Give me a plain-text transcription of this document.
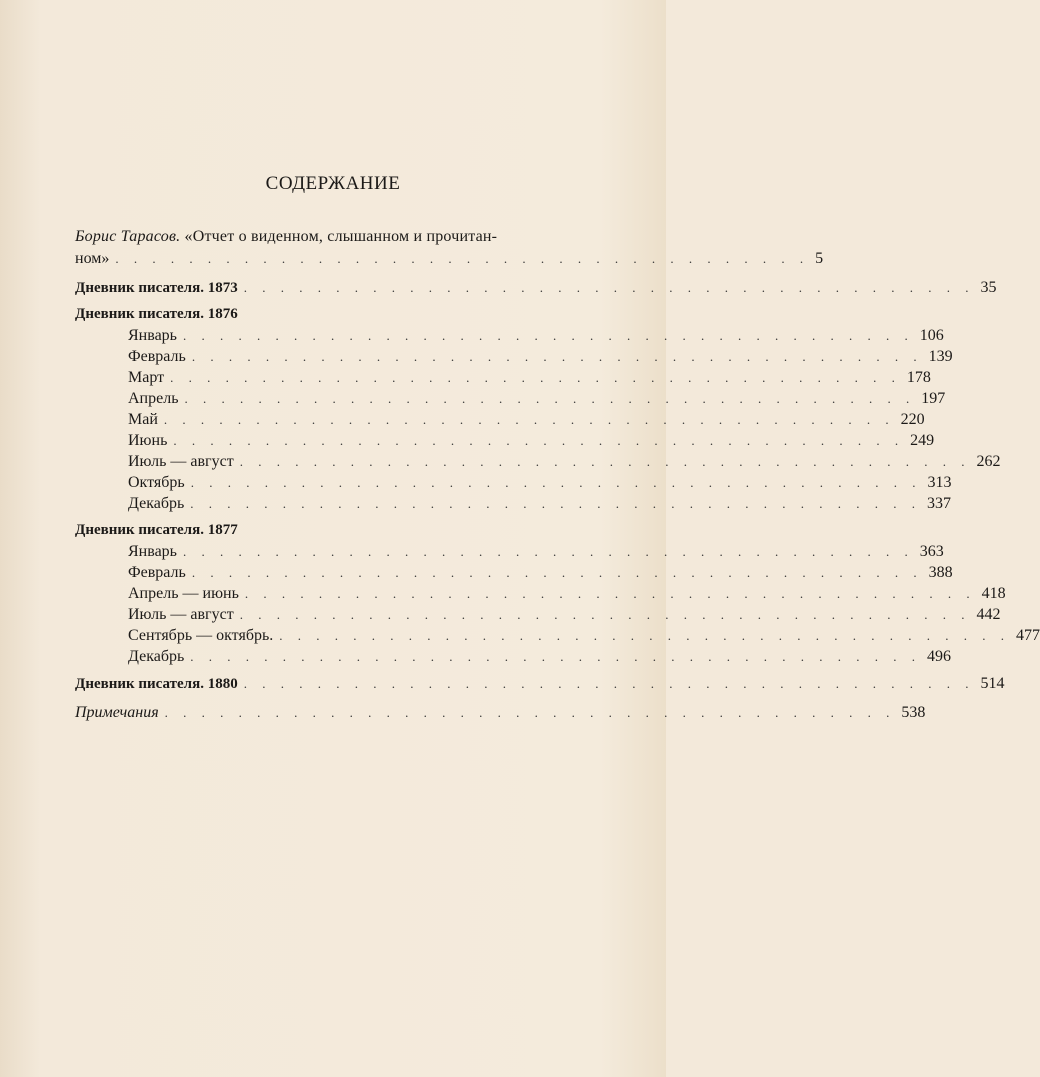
СОДЕРЖАНИЕ
Борис Тарасов. «Отчет о виденном, слышанном и прочитан-
ном» . . . . . . . . . . . . . . . . . . . . . . . . . . . . . . . . . . . . . . 5
Дневник писателя. 1873 . . . . . . . . . . . . . . . . . . . . . . . . . . . . . . . . . . . . . . . . 35
Дневник писателя. 1876
Январь . . . . . . . . . . . . . . . . . . . . . . . . . . . . . . . . . . . . . . . . 106
Февраль . . . . . . . . . . . . . . . . . . . . . . . . . . . . . . . . . . . . . . . . 139
Март . . . . . . . . . . . . . . . . . . . . . . . . . . . . . . . . . . . . . . . . 178
Апрель . . . . . . . . . . . . . . . . . . . . . . . . . . . . . . . . . . . . . . . . 197
Май . . . . . . . . . . . . . . . . . . . . . . . . . . . . . . . . . . . . . . . . 220
Июнь . . . . . . . . . . . . . . . . . . . . . . . . . . . . . . . . . . . . . . . . 249
Июль — август . . . . . . . . . . . . . . . . . . . . . . . . . . . . . . . . . . . . . . . . 262
Октябрь . . . . . . . . . . . . . . . . . . . . . . . . . . . . . . . . . . . . . . . . 313
Декабрь . . . . . . . . . . . . . . . . . . . . . . . . . . . . . . . . . . . . . . . . 337
Дневник писателя. 1877
Январь . . . . . . . . . . . . . . . . . . . . . . . . . . . . . . . . . . . . . . . . 363
Февраль . . . . . . . . . . . . . . . . . . . . . . . . . . . . . . . . . . . . . . . . 388
Апрель — июнь . . . . . . . . . . . . . . . . . . . . . . . . . . . . . . . . . . . . . . . . 418
Июль — август . . . . . . . . . . . . . . . . . . . . . . . . . . . . . . . . . . . . . . . . 442
Сентябрь — октябрь. . . . . . . . . . . . . . . . . . . . . . . . . . . . . . . . . . . . . . . . . 477
Декабрь . . . . . . . . . . . . . . . . . . . . . . . . . . . . . . . . . . . . . . . . 496
Дневник писателя. 1880 . . . . . . . . . . . . . . . . . . . . . . . . . . . . . . . . . . . . . . . . 514
Примечания . . . . . . . . . . . . . . . . . . . . . . . . . . . . . . . . . . . . . . . . 538
